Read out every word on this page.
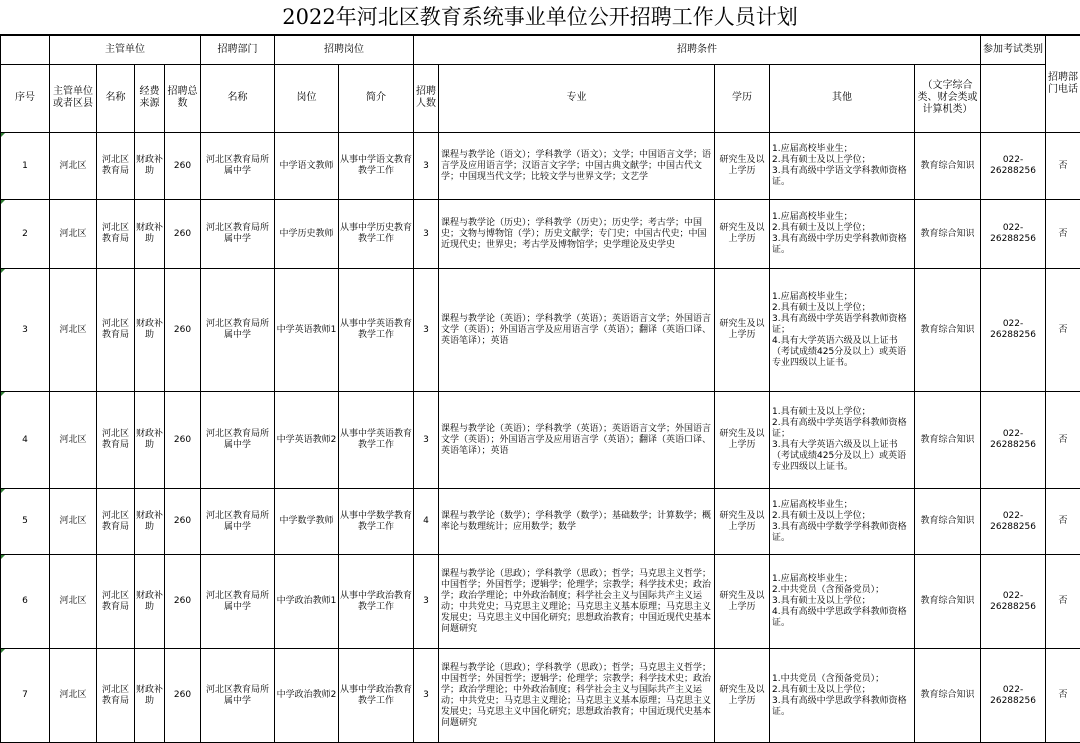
2022年河北区教育系统事业单位公开招聘工作人员计划
	主管单位				招聘部门	招聘岗位		招聘条件					参加考试类别	招聘部门电话	
序号	主管单位或者区县	名称	经费来源	招聘总数	名称	岗位	简介	招聘人数	专业	学历	其他	（文字综合类、财会类或计算机类）			
1	河北区	河北区教育局	财政补助	260	河北区教育局所属中学	中学语文教师	从事中学语文教育教学工作	3	课程与教学论（语文）；学科教学（语文）；文学；中国语言文学；语言学及应用语言学；汉语言文字学；中国古典文献学；中国古代文学；中国现当代文学；比较文学与世界文学；文艺学	研究生及以上学历	1.应届高校毕业生；
2.具有硕士及以上学位；
3.具有高级中学语文学科教师资格证。	教育综合知识	022-26288256	否	
2	河北区	河北区教育局	财政补助	260	河北区教育局所属中学	中学历史教师	从事中学历史教育教学工作	3	课程与教学论（历史）；学科教学（历史）；历史学；考古学；中国史；文物与博物馆（学）；历史文献学；专门史；中国古代史；中国近现代史；世界史；考古学及博物馆学；史学理论及史学史	研究生及以上学历	1.应届高校毕业生；
2.具有硕士及以上学位；
3.具有高级中学历史学科教师资格证。	教育综合知识	022-26288256	否	
3	河北区	河北区教育局	财政补助	260	河北区教育局所属中学	中学英语教师1	从事中学英语教育教学工作	3	课程与教学论（英语）；学科教学（英语）；英语语言文学；外国语言文学（英语）；外国语言学及应用语言学（英语）；翻译（英语口译、英语笔译）；英语	研究生及以上学历	1.应届高校毕业生；
2.具有硕士及以上学位；
3.具有高级中学英语学科教师资格证；
4.具有大学英语六级及以上证书（考试成绩425分及以上）或英语专业四级以上证书。	教育综合知识	022-26288256	否	
4	河北区	河北区教育局	财政补助	260	河北区教育局所属中学	中学英语教师2	从事中学英语教育教学工作	3	课程与教学论（英语）；学科教学（英语）；英语语言文学；外国语言文学（英语）；外国语言学及应用语言学（英语）；翻译（英语口译、英语笔译）；英语	研究生及以上学历	1.具有硕士及以上学位；
2.具有高级中学英语学科教师资格证；
3.具有大学英语六级及以上证书（考试成绩425分及以上）或英语专业四级以上证书。	教育综合知识	022-26288256	否	
5	河北区	河北区教育局	财政补助	260	河北区教育局所属中学	中学数学教师	从事中学数学教育教学工作	4	课程与教学论（数学）；学科教学（数学）；基础数学；计算数学；概率论与数理统计；应用数学；数学	研究生及以上学历	1.应届高校毕业生；
2.具有硕士及以上学位；
3.具有高级中学数学学科教师资格证。	教育综合知识	022-26288256	否	
6	河北区	河北区教育局	财政补助	260	河北区教育局所属中学	中学政治教师1	从事中学政治教育教学工作	3	课程与教学论（思政）；学科教学（思政）；哲学；马克思主义哲学；中国哲学；外国哲学；逻辑学；伦理学；宗教学；科学技术史；政治学；政治学理论；中外政治制度；科学社会主义与国际共产主义运动；中共党史；马克思主义理论；马克思主义基本原理；马克思主义发展史；马克思主义中国化研究；思想政治教育；中国近现代史基本问题研究	研究生及以上学历	1.应届高校毕业生；
2.中共党员（含预备党员）；
3.具有硕士及以上学位；
4.具有高级中学思政学科教师资格证。	教育综合知识	022-26288256	否	
7	河北区	河北区教育局	财政补助	260	河北区教育局所属中学	中学政治教师2	从事中学政治教育教学工作	3	课程与教学论（思政）；学科教学（思政）；哲学；马克思主义哲学；中国哲学；外国哲学；逻辑学；伦理学；宗教学；科学技术史；政治学；政治学理论；中外政治制度；科学社会主义与国际共产主义运动；中共党史；马克思主义理论；马克思主义基本原理；马克思主义发展史；马克思主义中国化研究；思想政治教育；中国近现代史基本问题研究	研究生及以上学历	1.中共党员（含预备党员）；
2.具有硕士及以上学位；
3.具有高级中学思政学科教师资格证。	教育综合知识	022-26288256	否	
